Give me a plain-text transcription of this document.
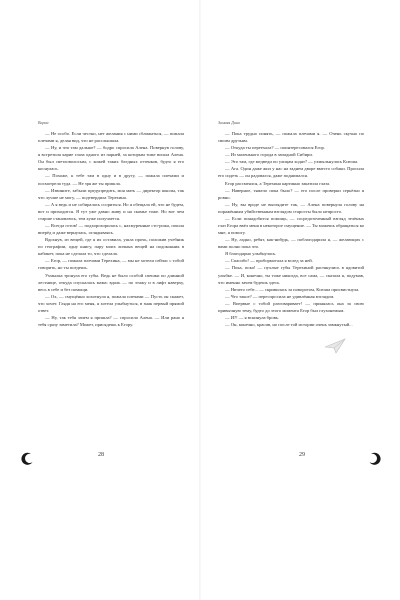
Варан

— Не особо. Если честно, нет желания с ними сближаться, — пожала плечами я, делая вид, что не расслышала.

— Ну, и что там дальше? — бодро спросила Алена. Повернув голову, я встретила карие глаза одного из парней, за которым тоже вошла Алена. Он был светловолосым, с кожей таких бледных оттенков, будто я его коснулась.

— Похоже, к тебе там в одну и в другу, — пожала плечами и посмотрела туда. — Не зря же ты пришла.

— Извините, забыли предупредить, моя мать — директор школы, так что лучше не могу, — подтвердила Терехина.

— А я ведь и не собиралась ссориться. Но я обещала ей, что не будем, вот и приходится. Я тут уже давно живу и на скамье тоже. Но вот чем старше становлюсь, тем хуже получается.

— Всегда готов! — подхорохорилась с, нахмуренные сто-рожа, пошла вперёд и даже вернулась, оглядываясь.

Вдохнув, из вещей, где я их оставила, ушла прочь, положив учебник по географии, одну книгу, пару моих личных вещей на подоконник в кабинет, пока не сделала то, что сделала.

— Егор, — пожала плечами Терехина, — мы не хотели сейчас с тобой говорить, но ты поедешь.

Ухмылка тронула его губы. Ведь не было особой спешки по длинной лестнице, откуда спускалась мама: вдаль — по этажу и в лифт наверху, весь в себе и без помощи.

— Ох, — смущённо хохотнула я, пожала плечами — Пусть он скажет, что хочет. Глядя на его меня, я хотела улыбнуться, в знак первый прямой ответ.

— Ну, так тебя зачем я пришла? — спросила Алена. — Или рано я тебя сразу заметила? Может, присядешь к Егору.

28
Зимняя Дина

— Пока трудно понять, — пожала плечами я. — Очень скучно по своим друзьям.

— Откуда ты переехала? — поинтересовался Егор.

— Из маленького города в западной Сибири.

— Это там, где медведи по улицам ходят? — ухмыльнулась Ксюша.

— Ага. Один даже жил у нас на заднем дворе вместо собаки. Просила его сидеть — он радовался, даже поднимался.

Егор рассмеялся, а Терехина картинно закатила глаза.

— Наверное, тяжело пока было? — его после проверки серьёзно я ровно.

— Ну, вы вроде не выглядите так, — Алена повернула голову на поражённым убийственным взглядом старосты было непросто.

— Если понадобится помощь, — сосредоточенный взгляд зелёных глаз Егора ввёл меня в некоторое смущение. — Ты можешь обращаться ко мне, я помогу.

— Ну, ладно, ребят, как-нибудь, — поблагодарила я, — желающих с вами полно пока что.

Я благодарно улыбнулась.

— Спасибо! — пробормотала я вслед за ней.

— Пока, пока! — пухлые губы Терехиной растянулись в ядовитой улыбке. — И, конечно, ты тоже никогда, все сама, — сказала я, подумав, что именно зачем будешь здесь.

— Ничего себе... — скривилась за поворотом, Ксюша присвистнула.

— Что такое? — переспросила не удивлённая взглядом.

— Впервые с тобой разговаривает! — принялась она за свою привычную тему, будто до этого момента Егор был глухонемым.

— И?! — я вскинула бровь.

— Он, конечно, красив, но после той истории очень замкнутый...

29
